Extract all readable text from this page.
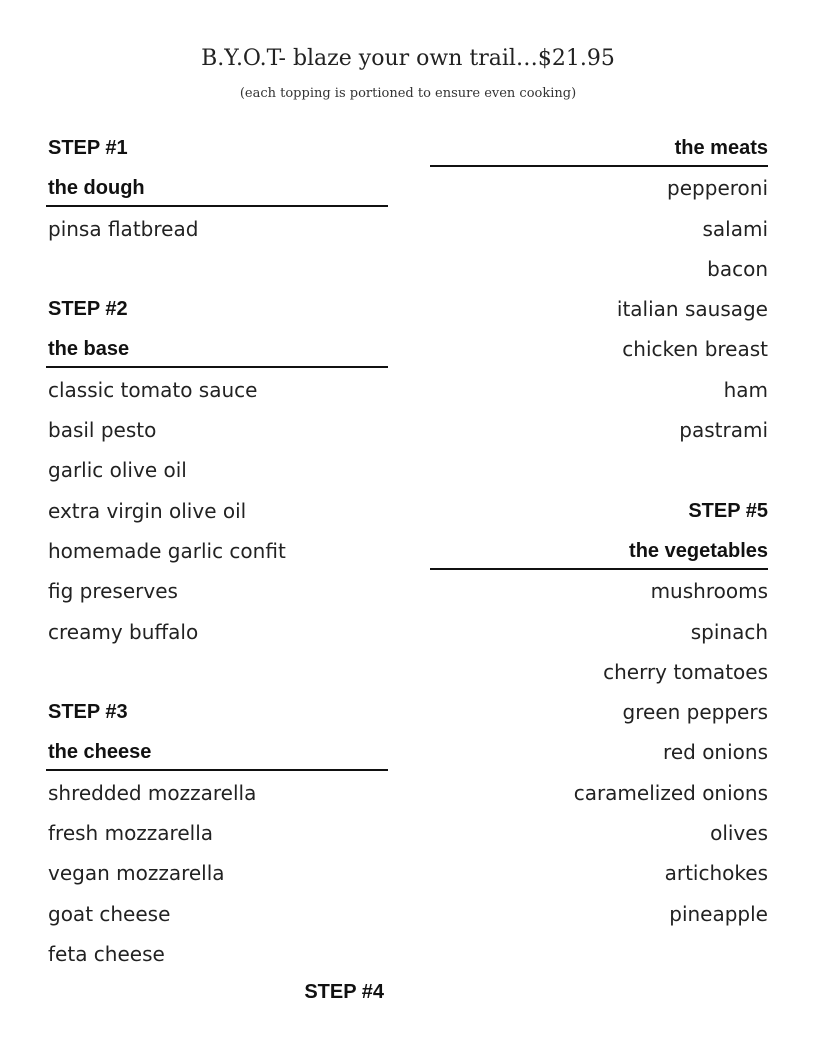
B.Y.O.T- blaze your own trail…$21.95
(each topping is portioned to ensure even cooking)
STEP #1
the dough
pinsa flatbread
STEP #2
the base
classic tomato sauce
basil pesto
garlic olive oil
extra virgin olive oil
homemade garlic confit
fig preserves
creamy buffalo
STEP #3
the cheese
shredded mozzarella
fresh mozzarella
vegan mozzarella
goat cheese
feta cheese
STEP #4
the meats
pepperoni
salami
bacon
italian sausage
chicken breast
ham
pastrami
STEP #5
the vegetables
mushrooms
spinach
cherry tomatoes
green peppers
red onions
caramelized onions
olives
artichokes
pineapple
